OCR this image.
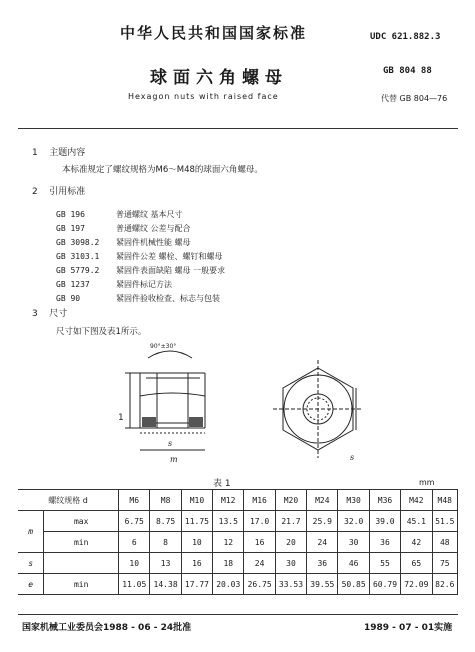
中华人民共和国国家标准	UDC 621.882.3
球面六角螺母	GB 804 88
Hexagon nuts with raised face	代替 GB 804—76
1 主题内容
本标准规定了螺纹规格为M6～M48的球面六角螺母。
2 引用标准
GB 196	普通螺纹 基本尺寸
GB 197	普通螺纹 公差与配合
GB 3098.2 紧固件机械性能 螺母
GB 3103.1 紧固件公差 螺栓、螺钉和螺母
GB 5779.2 紧固件表面缺陷 螺母 一般要求
GB 1237	紧固件标记方法
GB 90	紧固件验收检查、标志与包装
3 尺寸
尺寸如下图及表1所示。
90°±30°
1
s
m	s
表 1	mm
螺纹规格 d		M6	M8	M10	M12	M16	M20	M24	M30	M36	M42	M48
m	max	6.75	8.75	11.75	13.5	17.0	21.7	25.9	32.0	39.0	45.1	51.5
	min	6	8	10	12	16	20	24	30	36	42	48
s		10	13	16	18	24	30	36	46	55	65	75
e	min	11.05	14.38	17.77	20.03	26.75	33.53	39.55	50.85	60.79	72.09	82.6
国家机械工业委员会1988 - 06 - 24批准	1989 - 07 - 01实施
